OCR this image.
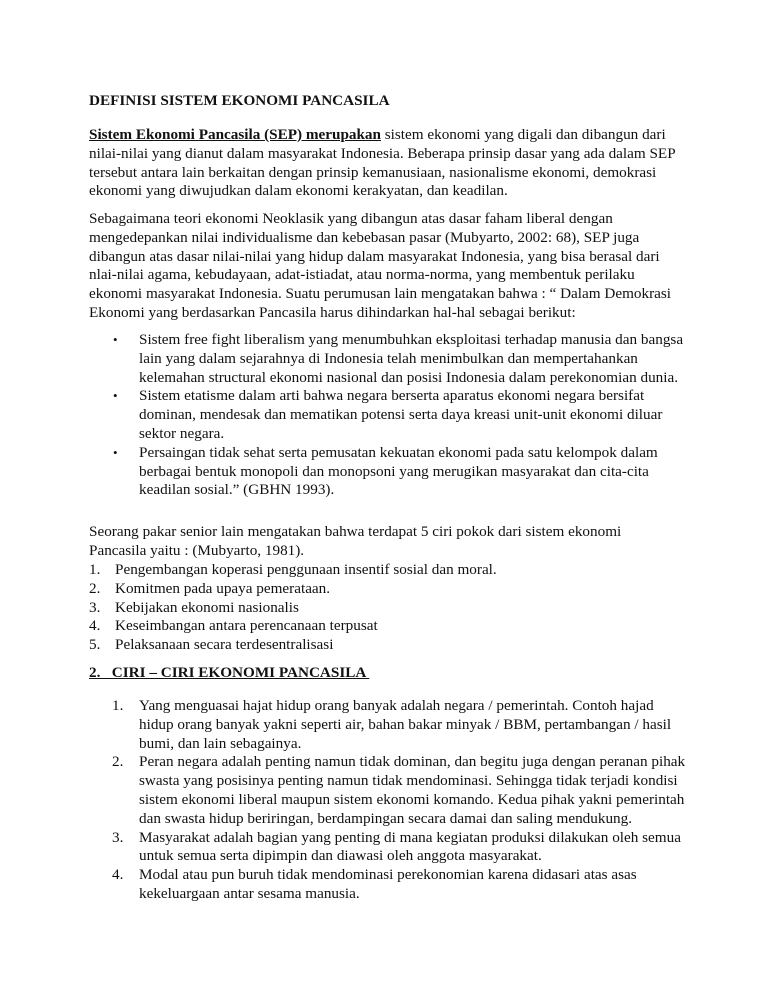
DEFINISI SISTEM EKONOMI PANCASILA
Sistem Ekonomi Pancasila (SEP) merupakan sistem ekonomi yang digali dan dibangun dari
nilai-nilai yang dianut dalam masyarakat Indonesia. Beberapa prinsip dasar yang ada dalam SEP
tersebut antara lain berkaitan dengan prinsip kemanusiaan, nasionalisme ekonomi, demokrasi
ekonomi yang diwujudkan dalam ekonomi kerakyatan, dan keadilan.
Sebagaimana teori ekonomi Neoklasik yang dibangun atas dasar faham liberal dengan
mengedepankan nilai individualisme dan kebebasan pasar (Mubyarto, 2002: 68), SEP juga
dibangun atas dasar nilai-nilai yang hidup dalam masyarakat Indonesia, yang bisa berasal dari
nlai-nilai agama, kebudayaan, adat-istiadat, atau norma-norma, yang membentuk perilaku
ekonomi masyarakat Indonesia. Suatu perumusan lain mengatakan bahwa : “ Dalam Demokrasi
Ekonomi yang berdasarkan Pancasila harus dihindarkan hal-hal sebagai berikut:
• Sistem free fight liberalism yang menumbuhkan eksploitasi terhadap manusia dan bangsa
lain yang dalam sejarahnya di Indonesia telah menimbulkan dan mempertahankan
kelemahan structural ekonomi nasional dan posisi Indonesia dalam perekonomian dunia.
• Sistem etatisme dalam arti bahwa negara berserta aparatus ekonomi negara bersifat
dominan, mendesak dan mematikan potensi serta daya kreasi unit-unit ekonomi diluar
sektor negara.
• Persaingan tidak sehat serta pemusatan kekuatan ekonomi pada satu kelompok dalam
berbagai bentuk monopoli dan monopsoni yang merugikan masyarakat dan cita-cita
keadilan sosial.” (GBHN 1993).
Seorang pakar senior lain mengatakan bahwa terdapat 5 ciri pokok dari sistem ekonomi
Pancasila yaitu : (Mubyarto, 1981).
1. Pengembangan koperasi penggunaan insentif sosial dan moral.
2. Komitmen pada upaya pemerataan.
3. Kebijakan ekonomi nasionalis
4. Keseimbangan antara perencanaan terpusat
5. Pelaksanaan secara terdesentralisasi
2.   CIRI – CIRI EKONOMI PANCASILA
1. Yang menguasai hajat hidup orang banyak adalah negara / pemerintah. Contoh hajad
hidup orang banyak yakni seperti air, bahan bakar minyak / BBM, pertambangan / hasil
bumi, dan lain sebagainya.
2. Peran negara adalah penting namun tidak dominan, dan begitu juga dengan peranan pihak
swasta yang posisinya penting namun tidak mendominasi. Sehingga tidak terjadi kondisi
sistem ekonomi liberal maupun sistem ekonomi komando. Kedua pihak yakni pemerintah
dan swasta hidup beriringan, berdampingan secara damai dan saling mendukung.
3. Masyarakat adalah bagian yang penting di mana kegiatan produksi dilakukan oleh semua
untuk semua serta dipimpin dan diawasi oleh anggota masyarakat.
4. Modal atau pun buruh tidak mendominasi perekonomian karena didasari atas asas
kekeluargaan antar sesama manusia.
